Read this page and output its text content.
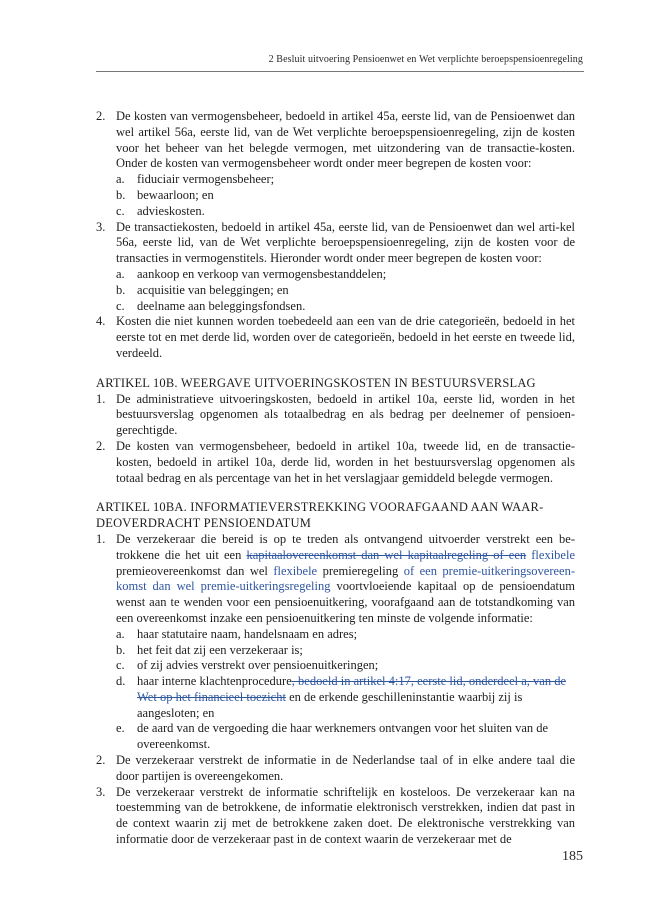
2 Besluit uitvoering Pensioenwet en Wet verplichte beroepspensioenregeling
2. De kosten van vermogensbeheer, bedoeld in artikel 45a, eerste lid, van de Pensioenwet dan wel artikel 56a, eerste lid, van de Wet verplichte beroepspensioenregeling, zijn de kosten voor het beheer van het belegde vermogen, met uitzondering van de transactie-kosten. Onder de kosten van vermogensbeheer wordt onder meer begrepen de kosten voor:
a. fiduciair vermogensbeheer;
b. bewaarloon; en
c. advieskosten.
3. De transactiekosten, bedoeld in artikel 45a, eerste lid, van de Pensioenwet dan wel arti-kel 56a, eerste lid, van de Wet verplichte beroepspensioenregeling, zijn de kosten voor de transacties in vermogenstitels. Hieronder wordt onder meer begrepen de kosten voor:
a. aankoop en verkoop van vermogensbestanddelen;
b. acquisitie van beleggingen; en
c. deelname aan beleggingsfondsen.
4. Kosten die niet kunnen worden toebedeeld aan een van de drie categorieën, bedoeld in het eerste tot en met derde lid, worden over de categorieën, bedoeld in het eerste en tweede lid, verdeeld.
ARTIKEL 10B. WEERGAVE UITVOERINGSKOSTEN IN BESTUURSVERSLAG
1. De administratieve uitvoeringskosten, bedoeld in artikel 10a, eerste lid, worden in het bestuursverslag opgenomen als totaalbedrag en als bedrag per deelnemer of pensioen-gerechtigde.
2. De kosten van vermogensbeheer, bedoeld in artikel 10a, tweede lid, en de transactie-kosten, bedoeld in artikel 10a, derde lid, worden in het bestuursverslag opgenomen als totaal bedrag en als percentage van het in het verslagjaar gemiddeld belegde vermogen.
ARTIKEL 10BA. INFORMATIEVERSTREKKING VOORAFGAAND AAN WAAR-DEOVERDRACHT PENSIOENDATUM
1. De verzekeraar die bereid is op te treden als ontvangend uitvoerder verstrekt een be-trokkene die het uit een kapitaalovereenkomst dan wel kapitaalregeling of een flexibele premieovereenkomst dan wel flexibele premieregeling of een premie-uitkeringsovereen-komst dan wel premie-uitkeringsregeling voortvloeiende kapitaal op de pensioendatum wenst aan te wenden voor een pensioenuitkering, voorafgaand aan de totstandkoming van een overeenkomst inzake een pensioenuitkering ten minste de volgende informatie:
a. haar statutaire naam, handelsnaam en adres;
b. het feit dat zij een verzekeraar is;
c. of zij advies verstrekt over pensioenuitkeringen;
d. haar interne klachtenprocedure, bedoeld in artikel 4:17, eerste lid, onderdeel a, van de Wet op het financieel toezicht en de erkende geschilleninstantie waarbij zij is aangesloten; en
e. de aard van de vergoeding die haar werknemers ontvangen voor het sluiten van de overeenkomst.
2. De verzekeraar verstrekt de informatie in de Nederlandse taal of in elke andere taal die door partijen is overeengekomen.
3. De verzekeraar verstrekt de informatie schriftelijk en kosteloos. De verzekeraar kan na toestemming van de betrokkene, de informatie elektronisch verstrekken, indien dat past in de context waarin zij met de betrokkene zaken doet. De elektronische verstrekking van informatie door de verzekeraar past in de context waarin de verzekeraar met de
185
